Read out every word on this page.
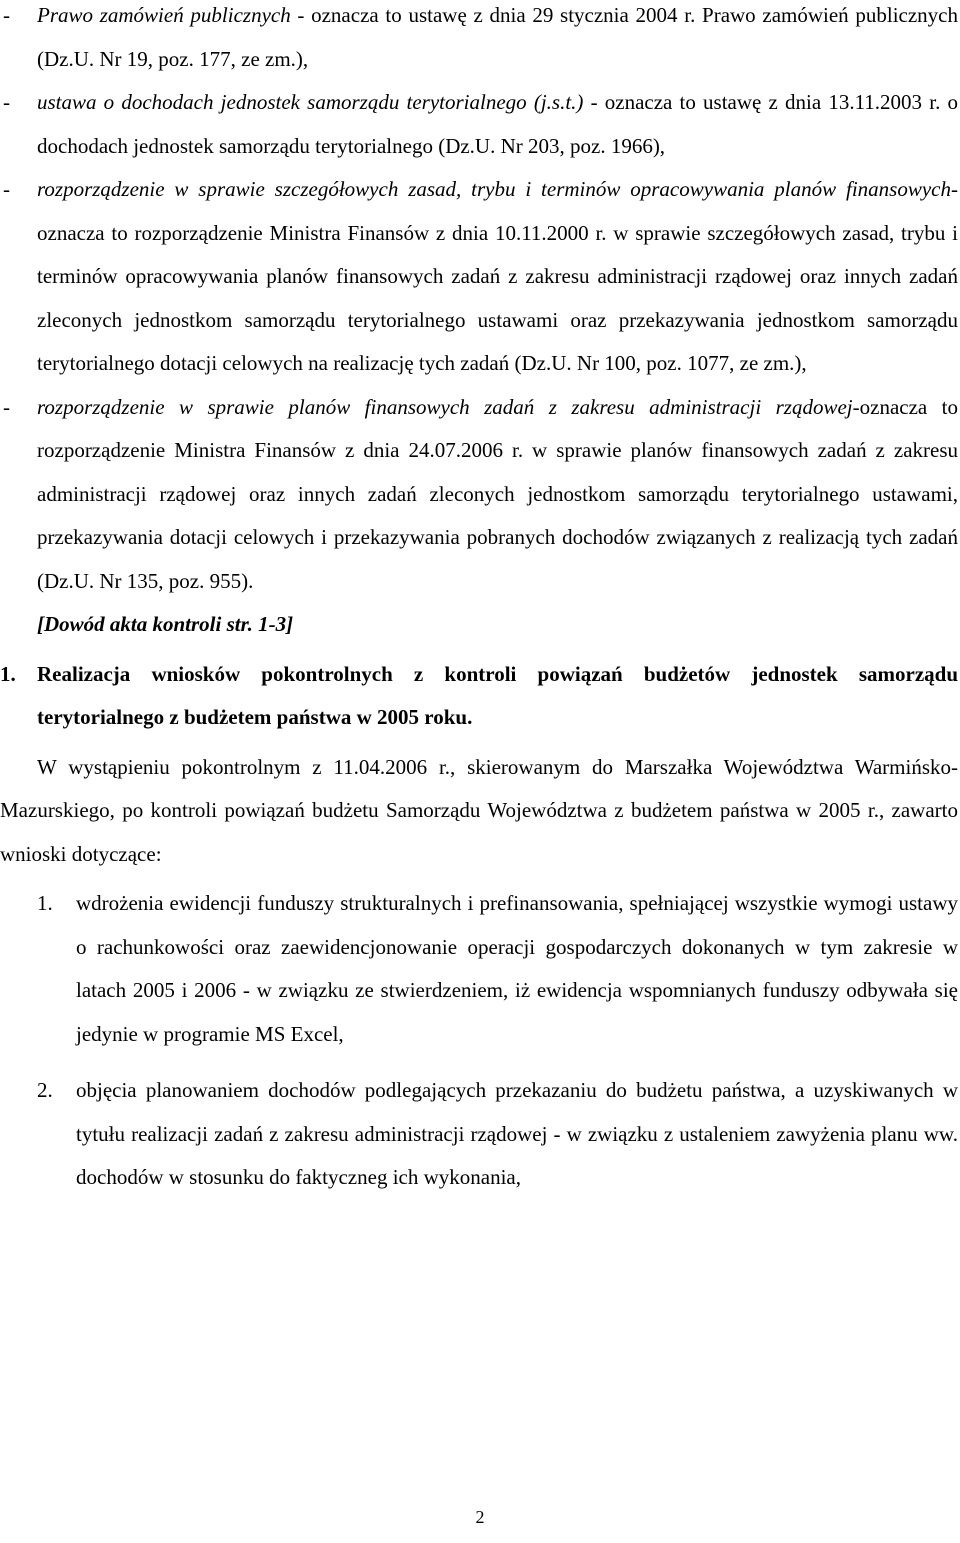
- Prawo zamówień publicznych - oznacza to ustawę z dnia 29 stycznia 2004 r. Prawo zamówień publicznych (Dz.U. Nr 19, poz. 177, ze zm.),
- ustawa o dochodach jednostek samorządu terytorialnego (j.s.t.) - oznacza to ustawę z dnia 13.11.2003 r. o dochodach jednostek samorządu terytorialnego (Dz.U. Nr 203, poz. 1966),
- rozporządzenie w sprawie szczegółowych zasad, trybu i terminów opracowywania planów finansowych-oznacza to rozporządzenie Ministra Finansów z dnia 10.11.2000 r. w sprawie szczegółowych zasad, trybu i terminów opracowywania planów finansowych zadań z zakresu administracji rządowej oraz innych zadań zleconych jednostkom samorządu terytorialnego ustawami oraz przekazywania jednostkom samorządu terytorialnego dotacji celowych na realizację tych zadań (Dz.U. Nr 100, poz. 1077, ze zm.),
- rozporządzenie w sprawie planów finansowych zadań z zakresu administracji rządowej-oznacza to rozporządzenie Ministra Finansów z dnia 24.07.2006 r. w sprawie planów finansowych zadań z zakresu administracji rządowej oraz innych zadań zleconych jednostkom samorządu terytorialnego ustawami, przekazywania dotacji celowych i przekazywania pobranych dochodów związanych z realizacją tych zadań (Dz.U. Nr 135, poz. 955).
[Dowód akta kontroli str. 1-3]
1. Realizacja wniosków pokontrolnych z kontroli powiązań budżetów jednostek samorządu terytorialnego z budżetem państwa w 2005 roku.
W wystąpieniu pokontrolnym z 11.04.2006 r., skierowanym do Marszałka Województwa Warmińsko-Mazurskiego, po kontroli powiązań budżetu Samorządu Województwa z budżetem państwa w 2005 r., zawarto wnioski dotyczące:
1. wdrożenia ewidencji funduszy strukturalnych i prefinansowania, spełniającej wszystkie wymogi ustawy o rachunkowości oraz zaewidencjonowanie operacji gospodarczych dokonanych w tym zakresie w latach 2005 i 2006 - w związku ze stwierdzeniem, iż ewidencja wspomnianych funduszy odbywała się jedynie w programie MS Excel,
2. objęcia planowaniem dochodów podlegających przekazaniu do budżetu państwa, a uzyskiwanych w tytułu realizacji zadań z zakresu administracji rządowej - w związku z ustaleniem zawyżenia planu ww. dochodów w stosunku do faktyczneg ich wykonania,
2
